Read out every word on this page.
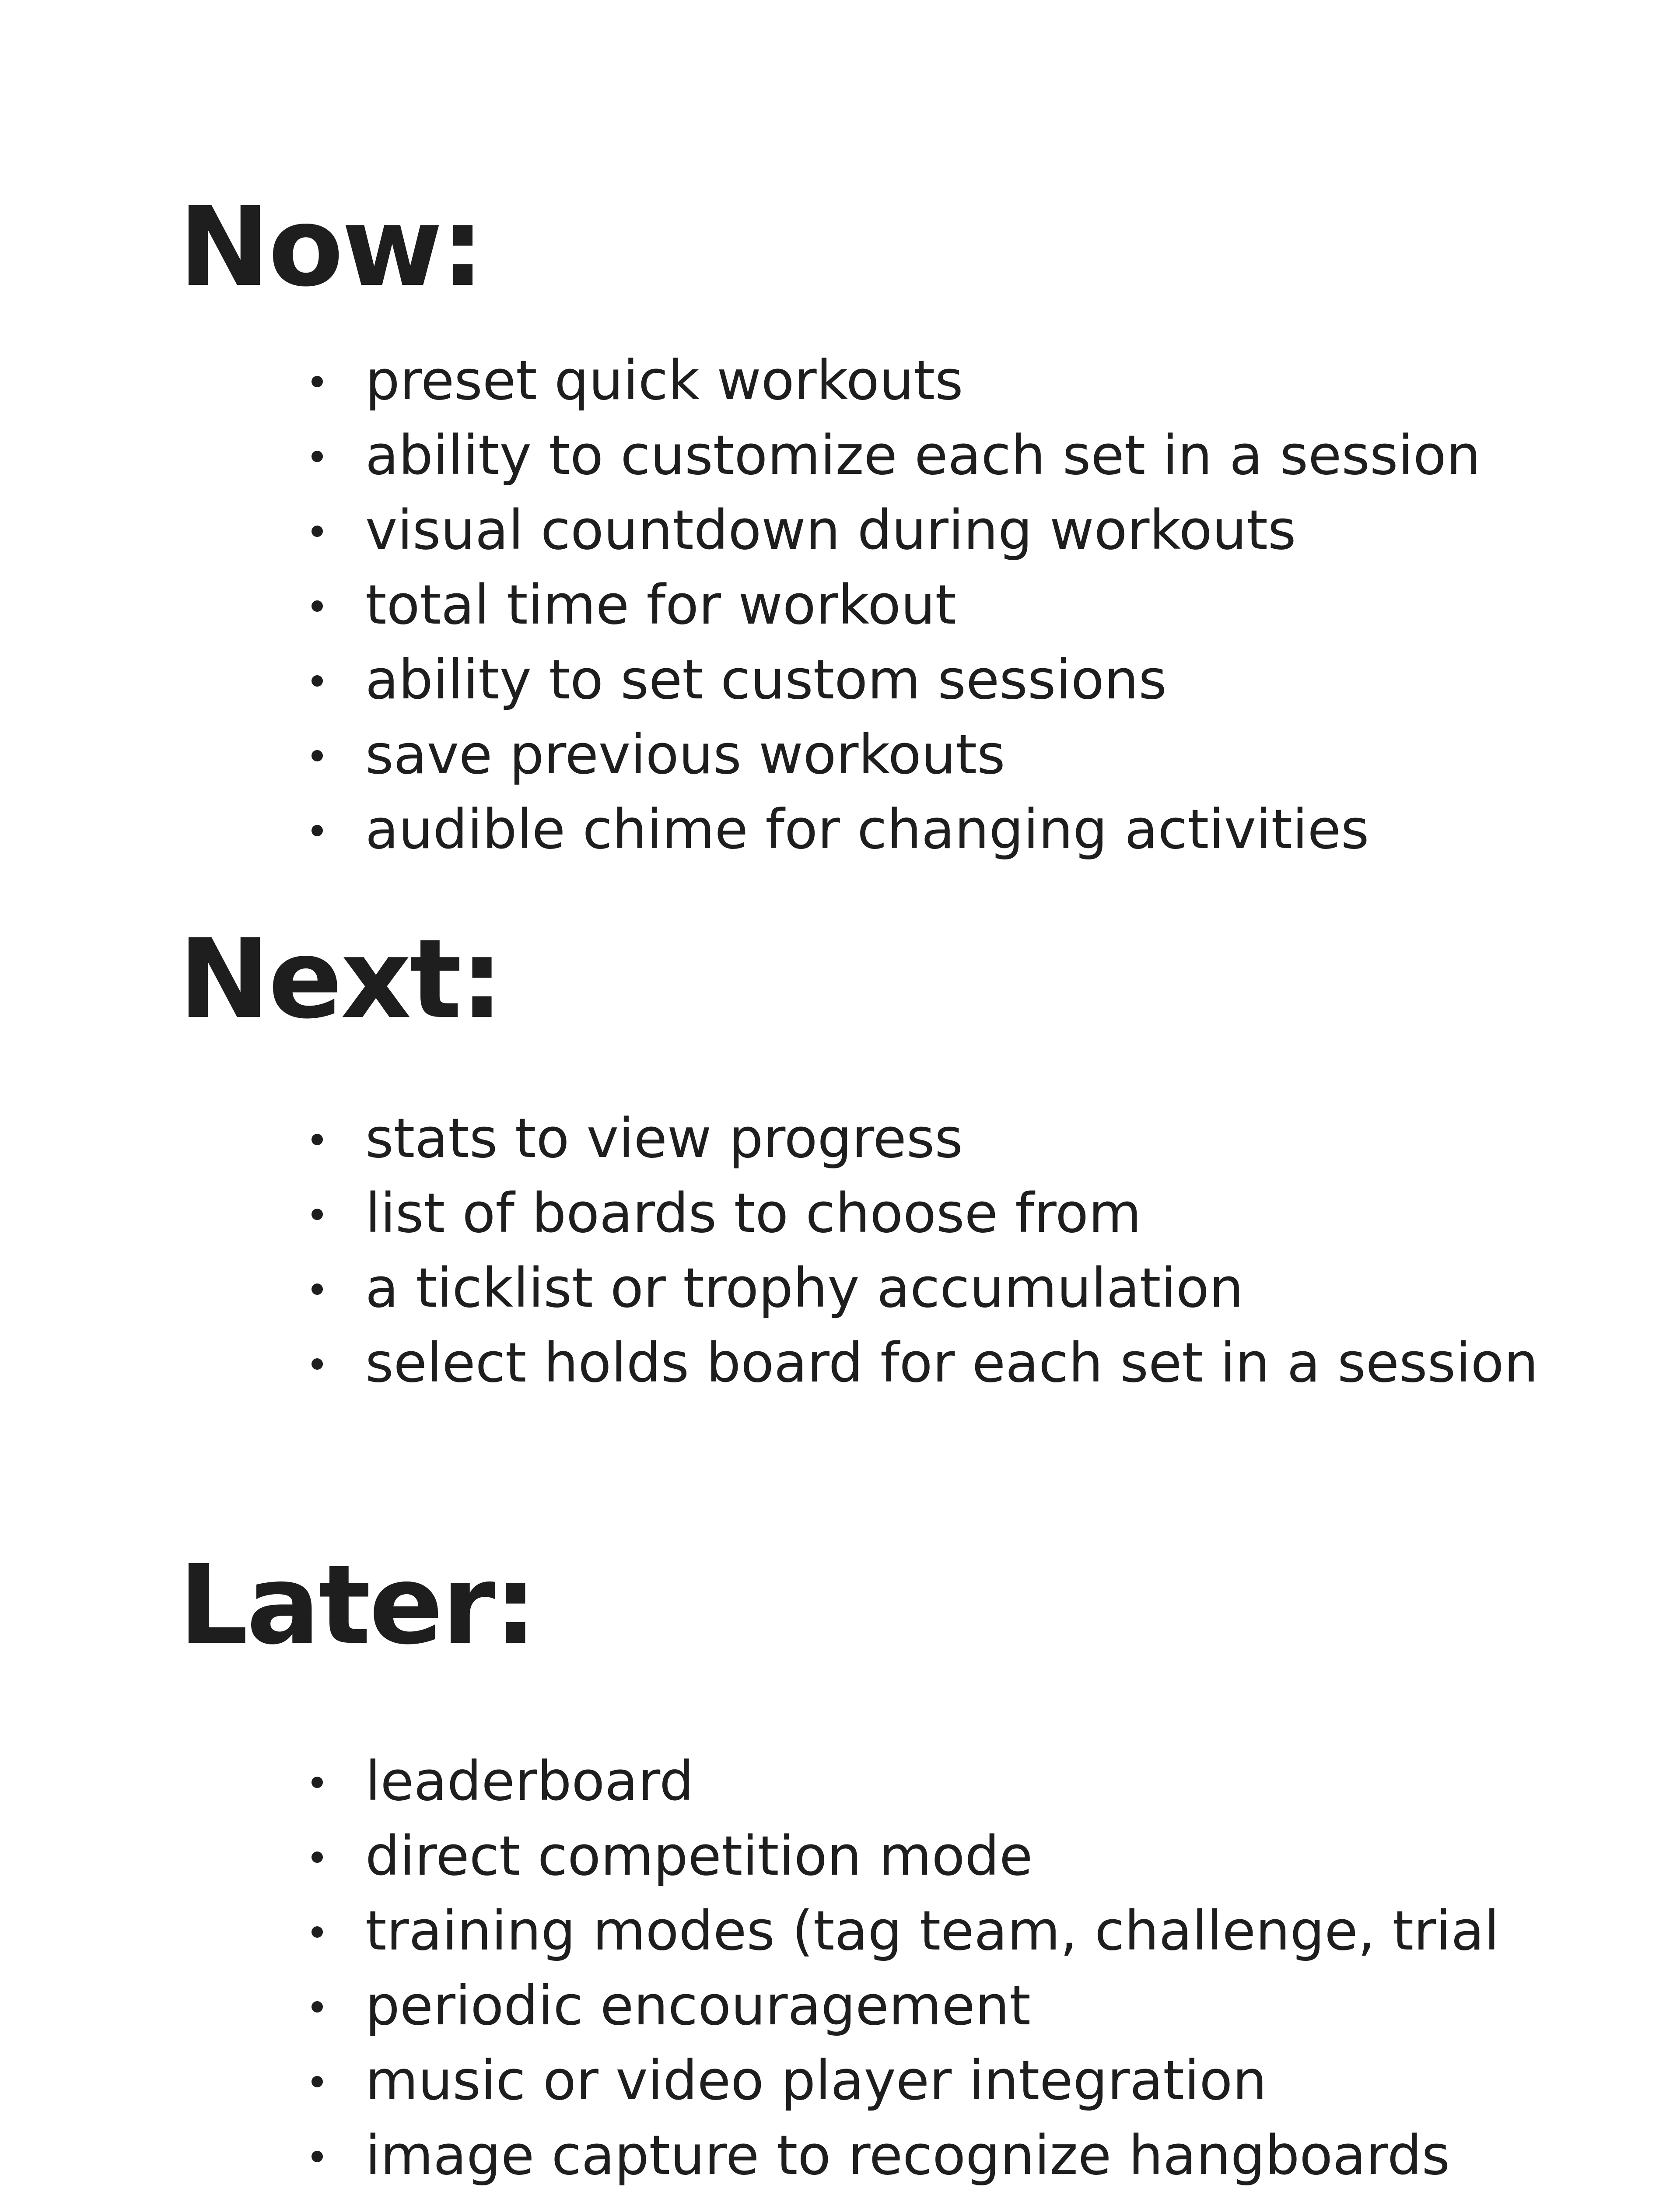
Now:
preset quick workouts
ability to customize each set in a session
visual countdown during workouts
total time for workout
ability to set custom sessions
save previous workouts
audible chime for changing activities
Next:
stats to view progress
list of boards to choose from
a ticklist or trophy accumulation
select holds board for each set in a session
Later:
leaderboard
direct competition mode
training modes (tag team, challenge, trial
periodic encouragement
music or video player integration
image capture to recognize hangboards
